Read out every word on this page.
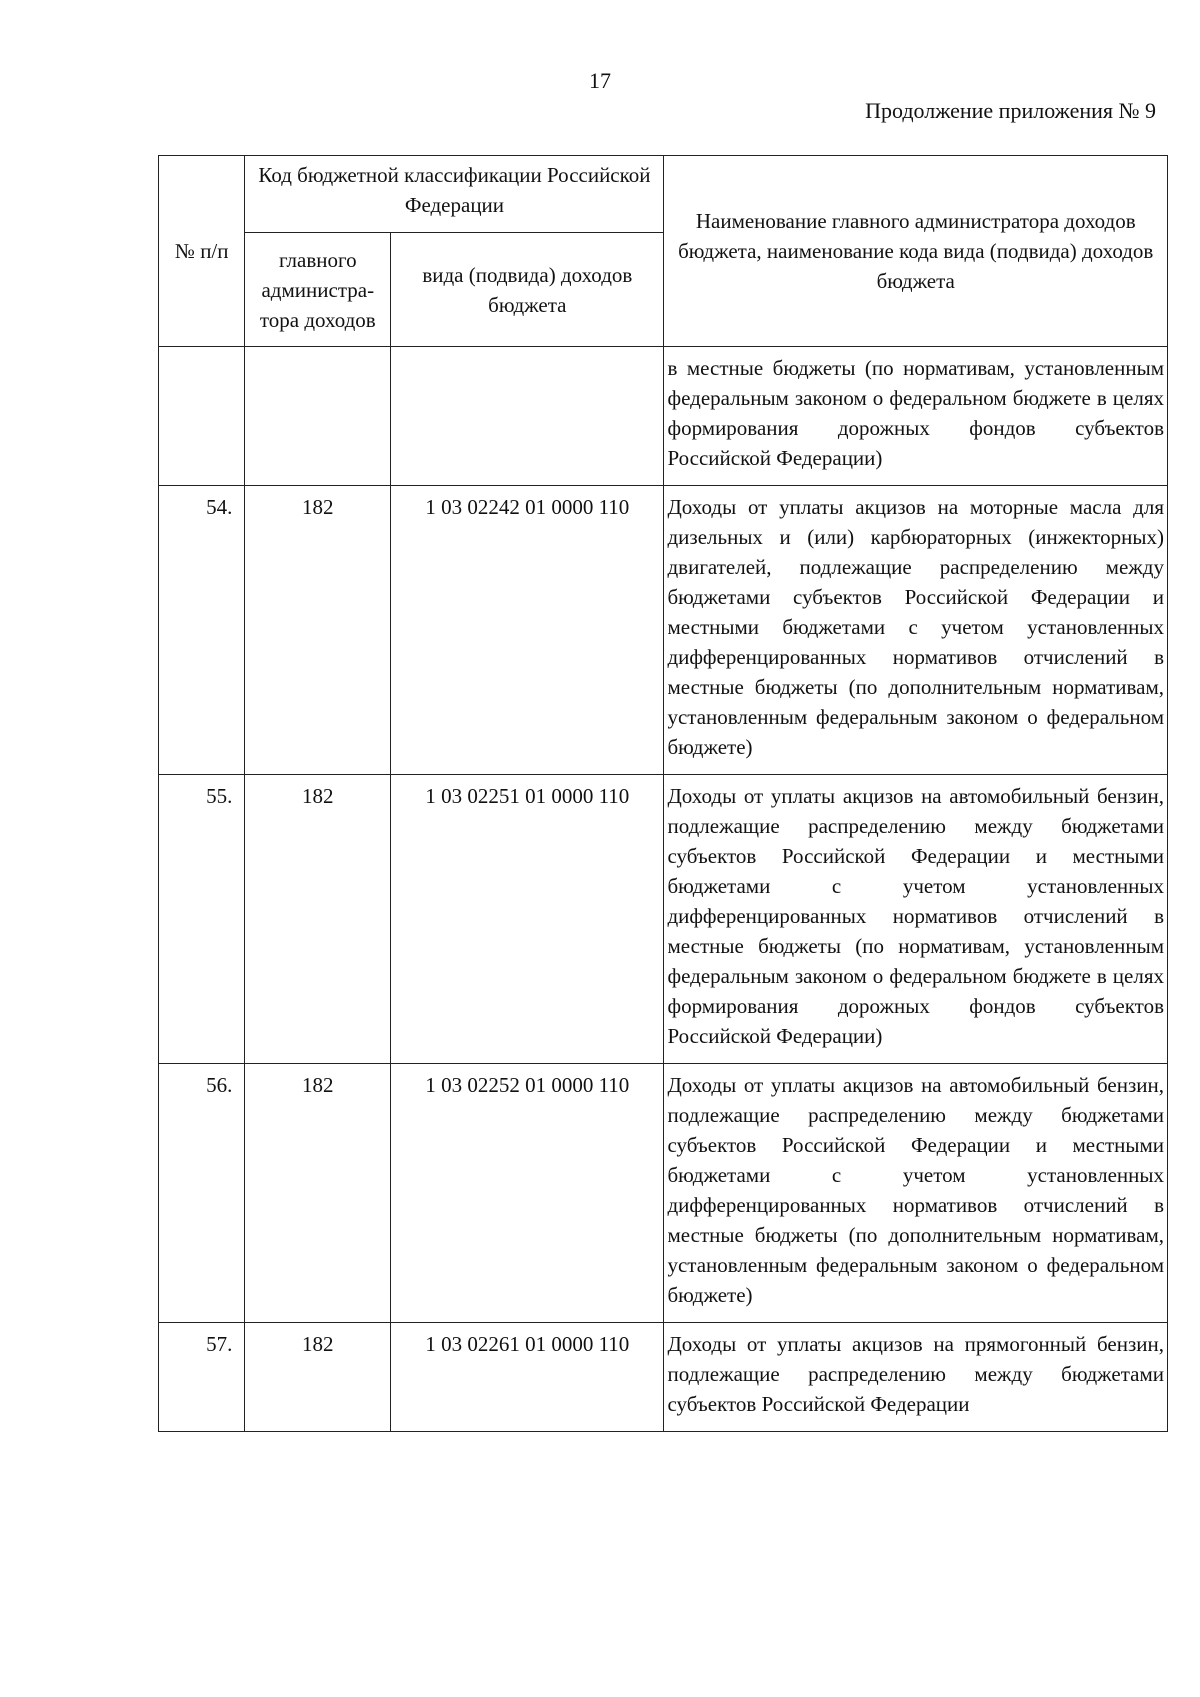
17
Продолжение приложения № 9
№ п/п	Код бюджетной классификации Российской Федерации		Наименование главного администратора доходов бюджета, наименование кода вида (подвида) доходов бюджета
	главного администра-тора доходов	вида (подвида) доходов бюджета	
			в местные бюджеты (по нормативам, установленным федеральным законом о федеральном бюджете в целях формирования дорожных фондов субъектов Российской Федерации)
54.	182	1 03 02242 01 0000 110	Доходы от уплаты акцизов на моторные масла для дизельных и (или) карбюраторных (инжекторных) двигателей, подлежащие распределению между бюджетами субъектов Российской Федерации и местными бюджетами с учетом установленных дифференцированных нормативов отчислений в местные бюджеты (по дополнительным нормативам, установленным федеральным законом о федеральном бюджете)
55.	182	1 03 02251 01 0000 110	Доходы от уплаты акцизов на автомобильный бензин, подлежащие распределению между бюджетами субъектов Российской Федерации и местными бюджетами с учетом установленных дифференцированных нормативов отчислений в местные бюджеты (по нормативам, установленным федеральным законом о федеральном бюджете в целях формирования дорожных фондов субъектов Российской Федерации)
56.	182	1 03 02252 01 0000 110	Доходы от уплаты акцизов на автомобильный бензин, подлежащие распределению между бюджетами субъектов Российской Федерации и местными бюджетами с учетом установленных дифференцированных нормативов отчислений в местные бюджеты (по дополнительным нормативам, установленным федеральным законом о федеральном бюджете)
57.	182	1 03 02261 01 0000 110	Доходы от уплаты акцизов на прямогонный бензин, подлежащие распределению между бюджетами субъектов Российской Федерации
